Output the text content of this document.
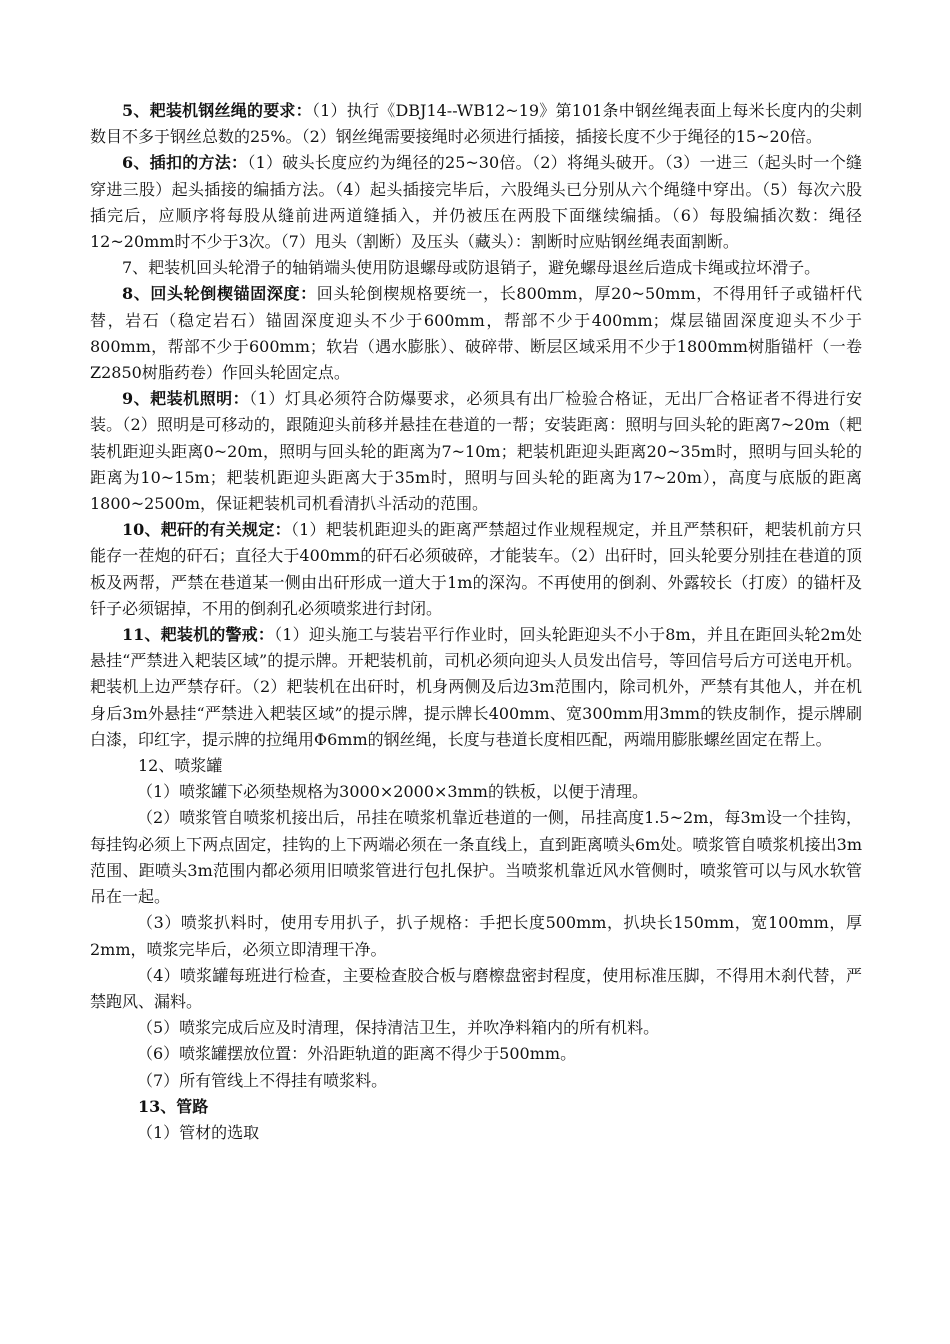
5、耙装机钢丝绳的要求：（1）执行《DBJ14--WB12~19》第101条中钢丝绳表面上每米长度内的尖刺数目不多于钢丝总数的25%。（2）钢丝绳需要接绳时必须进行插接，插接长度不少于绳径的15~20倍。

6、插扣的方法：（1）破头长度应约为绳径的25~30倍。（2）将绳头破开。（3）一进三（起头时一个缝穿进三股）起头插接的编插方法。（4）起头插接完毕后，六股绳头已分别从六个绳缝中穿出。（5）每次六股插完后，应顺序将每股从缝前进两道缝插入，并仍被压在两股下面继续编插。（6）每股编插次数：绳径12~20mm时不少于3次。（7）甩头（割断）及压头（藏头）：割断时应贴钢丝绳表面割断。

7、耙装机回头轮滑子的轴销端头使用防退螺母或防退销子，避免螺母退丝后造成卡绳或拉坏滑子。

8、回头轮倒楔锚固深度：回头轮倒楔规格要统一，长800mm，厚20~50mm，不得用钎子或锚杆代替，岩石（稳定岩石）锚固深度迎头不少于600mm，帮部不少于400mm；煤层锚固深度迎头不少于800mm，帮部不少于600mm；软岩（遇水膨胀）、破碎带、断层区域采用不少于1800mm树脂锚杆（一卷Z2850树脂药卷）作回头轮固定点。

9、耙装机照明：（1）灯具必须符合防爆要求，必须具有出厂检验合格证，无出厂合格证者不得进行安装。（2）照明是可移动的，跟随迎头前移并悬挂在巷道的一帮；安装距离：照明与回头轮的距离7~20m（耙装机距迎头距离0~20m，照明与回头轮的距离为7~10m；耙装机距迎头距离20~35m时，照明与回头轮的距离为10~15m；耙装机距迎头距离大于35m时，照明与回头轮的距离为17~20m），高度与底版的距离1800~2500m，保证耙装机司机看清扒斗活动的范围。

10、耙矸的有关规定：（1）耙装机距迎头的距离严禁超过作业规程规定，并且严禁积矸，耙装机前方只能存一茬炮的矸石；直径大于400mm的矸石必须破碎，才能装车。（2）出矸时，回头轮要分别挂在巷道的顶板及两帮，严禁在巷道某一侧由出矸形成一道大于1m的深沟。不再使用的倒刹、外露较长（打废）的锚杆及钎子必须锯掉，不用的倒刹孔必须喷浆进行封闭。

11、耙装机的警戒：（1）迎头施工与装岩平行作业时，回头轮距迎头不小于8m，并且在距回头轮2m处悬挂“严禁进入耙装区域”的提示牌。开耙装机前，司机必须向迎头人员发出信号，等回信号后方可送电开机。耙装机上边严禁存矸。（2）耙装机在出矸时，机身两侧及后边3m范围内，除司机外，严禁有其他人，并在机身后3m外悬挂“严禁进入耙装区域”的提示牌，提示牌长400mm、宽300mm用3mm的铁皮制作，提示牌刷白漆，印红字，提示牌的拉绳用Φ6mm的钢丝绳，长度与巷道长度相匹配，两端用膨胀螺丝固定在帮上。

12、喷浆罐

（1）喷浆罐下必须垫规格为3000×2000×3mm的铁板，以便于清理。

（2）喷浆管自喷浆机接出后，吊挂在喷浆机靠近巷道的一侧，吊挂高度1.5~2m，每3m设一个挂钩，每挂钩必须上下两点固定，挂钩的上下两端必须在一条直线上，直到距离喷头6m处。喷浆管自喷浆机接出3m范围、距喷头3m范围内都必须用旧喷浆管进行包扎保护。当喷浆机靠近风水管侧时，喷浆管可以与风水软管吊在一起。

（3）喷浆扒料时，使用专用扒子，扒子规格：手把长度500mm，扒块长150mm，宽100mm，厚2mm，喷浆完毕后，必须立即清理干净。

（4）喷浆罐每班进行检查，主要检查胶合板与磨檫盘密封程度，使用标准压脚，不得用木刹代替，严禁跑风、漏料。

（5）喷浆完成后应及时清理，保持清洁卫生，并吹净料箱内的所有机料。

（6）喷浆罐摆放位置：外沿距轨道的距离不得少于500mm。

（7）所有管线上不得挂有喷浆料。

13、管路

（1）管材的选取
